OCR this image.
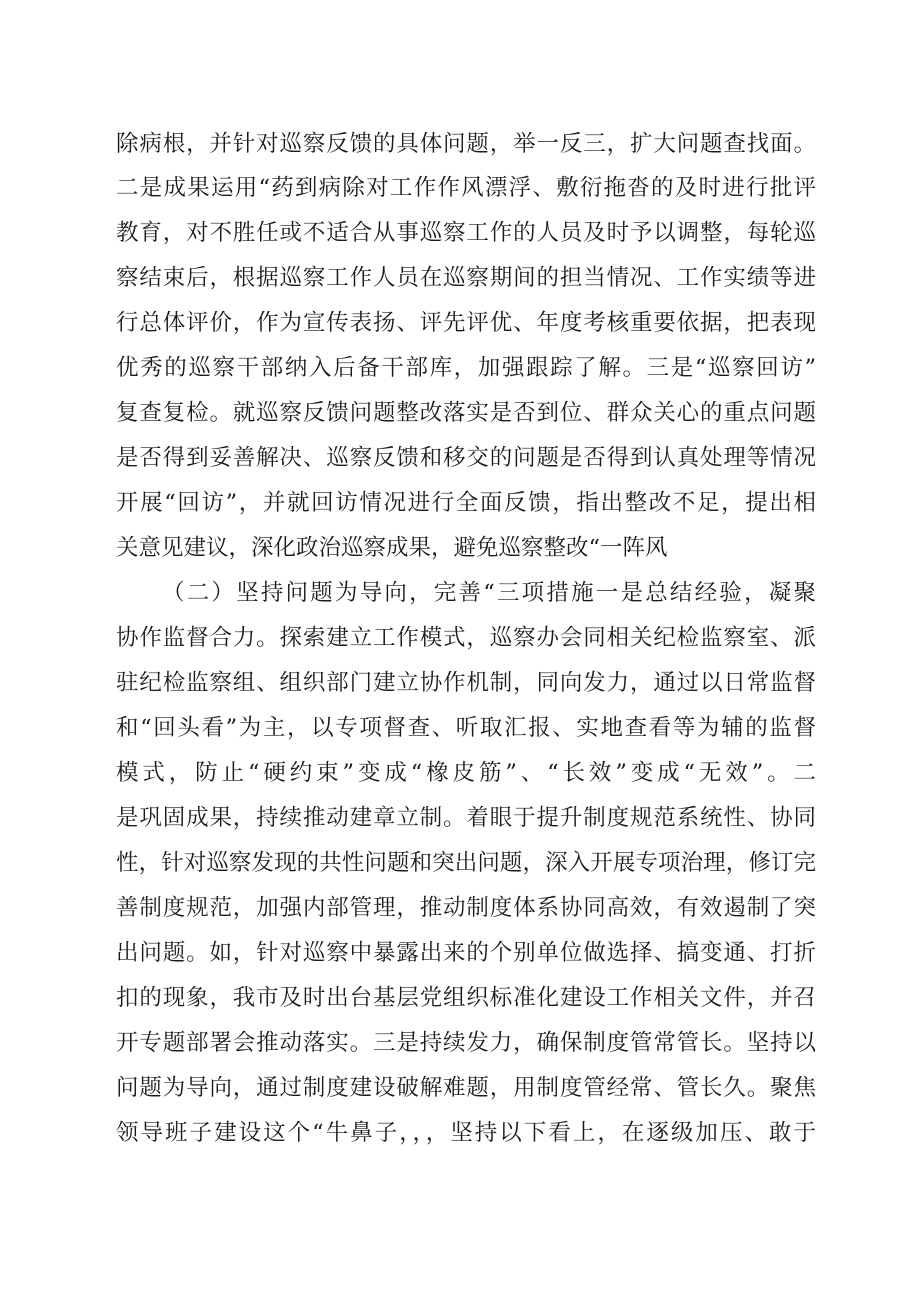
除病根，并针对巡察反馈的具体问题，举一反三，扩大问题查找面。
二是成果运用“药到病除对工作作风漂浮、敷衍拖沓的及时进行批评
教育，对不胜任或不适合从事巡察工作的人员及时予以调整，每轮巡
察结束后，根据巡察工作人员在巡察期间的担当情况、工作实绩等进
行总体评价，作为宣传表扬、评先评优、年度考核重要依据，把表现
优秀的巡察干部纳入后备干部库，加强跟踪了解。三是“巡察回访”
复查复检。就巡察反馈问题整改落实是否到位、群众关心的重点问题
是否得到妥善解决、巡察反馈和移交的问题是否得到认真处理等情况
开展“回访”，并就回访情况进行全面反馈，指出整改不足，提出相
关意见建议，深化政治巡察成果，避免巡察整改“一阵风
（二）坚持问题为导向，完善“三项措施一是总结经验，凝聚
协作监督合力。探索建立工作模式，巡察办会同相关纪检监察室、派
驻纪检监察组、组织部门建立协作机制，同向发力，通过以日常监督
和“回头看”为主，以专项督查、听取汇报、实地查看等为辅的监督
模式，防止“硬约束”变成“橡皮筋”、“长效”变成“无效”。二
是巩固成果，持续推动建章立制。着眼于提升制度规范系统性、协同
性，针对巡察发现的共性问题和突出问题，深入开展专项治理，修订完
善制度规范，加强内部管理，推动制度体系协同高效，有效遏制了突
出问题。如，针对巡察中暴露出来的个别单位做选择、搞变通、打折
扣的现象，我市及时出台基层党组织标准化建设工作相关文件，并召
开专题部署会推动落实。三是持续发力，确保制度管常管长。坚持以
问题为导向，通过制度建设破解难题，用制度管经常、管长久。聚焦
领导班子建设这个“牛鼻子，，，坚持以下看上，在逐级加压、敢于
